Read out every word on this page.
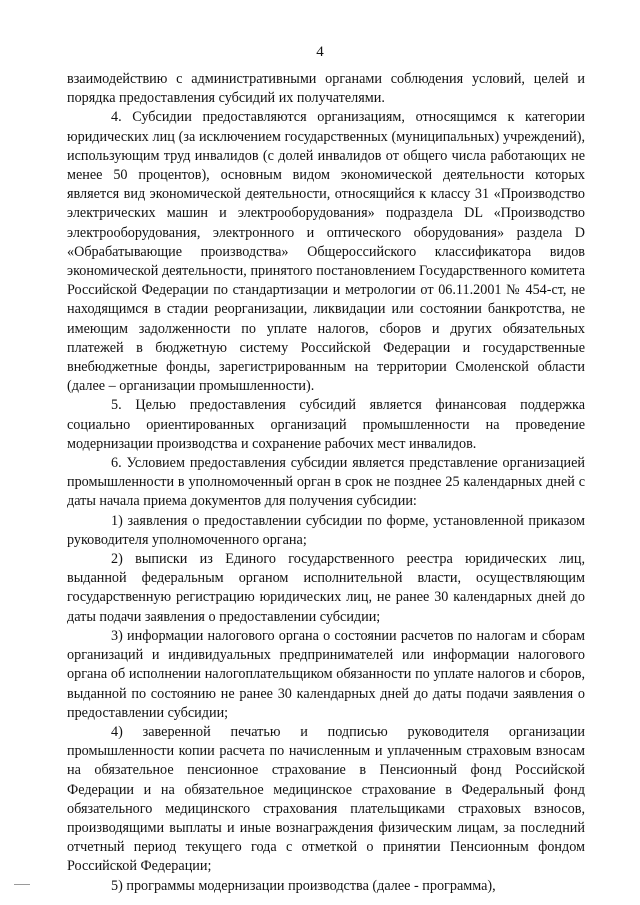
4

взаимодействию с административными органами соблюдения условий, целей и порядка предоставления субсидий их получателями.

4. Субсидии предоставляются организациям, относящимся к категории юридических лиц (за исключением государственных (муниципальных) учреждений), использующим труд инвалидов (с долей инвалидов от общего числа работающих не менее 50 процентов), основным видом экономической деятельности которых является вид экономической деятельности, относящийся к классу 31 «Производство электрических машин и электрооборудования» подраздела DL «Производство электрооборудования, электронного и оптического оборудования» раздела D «Обрабатывающие производства» Общероссийского классификатора видов экономической деятельности, принятого постановлением Государственного комитета Российской Федерации по стандартизации и метрологии от 06.11.2001 № 454-ст, не находящимся в стадии реорганизации, ликвидации или состоянии банкротства, не имеющим задолженности по уплате налогов, сборов и других обязательных платежей в бюджетную систему Российской Федерации и государственные внебюджетные фонды, зарегистрированным на территории Смоленской области (далее – организации промышленности).

5. Целью предоставления субсидий является финансовая поддержка социально ориентированных организаций промышленности на проведение модернизации производства и сохранение рабочих мест инвалидов.

6. Условием предоставления субсидии является представление организацией промышленности в уполномоченный орган в срок не позднее 25 календарных дней с даты начала приема документов для получения субсидии:

1) заявления о предоставлении субсидии по форме, установленной приказом руководителя уполномоченного органа;

2) выписки из Единого государственного реестра юридических лиц, выданной федеральным органом исполнительной власти, осуществляющим государственную регистрацию юридических лиц, не ранее 30 календарных дней до даты подачи заявления о предоставлении субсидии;

3) информации налогового органа о состоянии расчетов по налогам и сборам организаций и индивидуальных предпринимателей или информации налогового органа об исполнении налогоплательщиком обязанности по уплате налогов и сборов, выданной по состоянию не ранее 30 календарных дней до даты подачи заявления о предоставлении субсидии;

4) заверенной печатью и подписью руководителя организации промышленности копии расчета по начисленным и уплаченным страховым взносам на обязательное пенсионное страхование в Пенсионный фонд Российской Федерации и на обязательное медицинское страхование в Федеральный фонд обязательного медицинского страхования плательщиками страховых взносов, производящими выплаты и иные вознаграждения физическим лицам, за последний отчетный период текущего года с отметкой о принятии Пенсионным фондом Российской Федерации;

5) программы модернизации производства (далее - программа),
